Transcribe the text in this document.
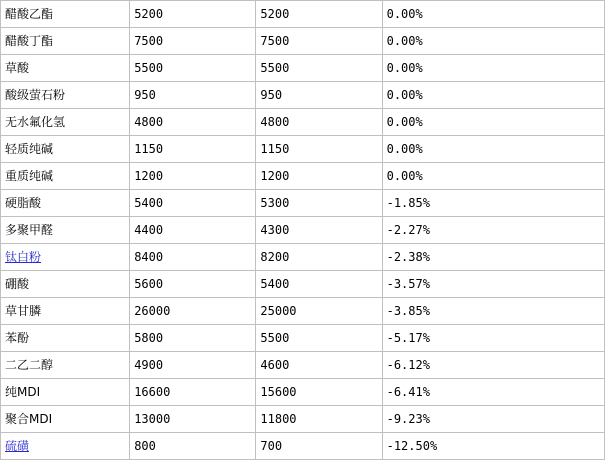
醋酸乙酯	5200	5200	0.00%
醋酸丁酯	7500	7500	0.00%
草酸	5500	5500	0.00%
酸级萤石粉	950	950	0.00%
无水氟化氢	4800	4800	0.00%
轻质纯碱	1150	1150	0.00%
重质纯碱	1200	1200	0.00%
硬脂酸	5400	5300	-1.85%
多聚甲醛	4400	4300	-2.27%
钛白粉	8400	8200	-2.38%
硼酸	5600	5400	-3.57%
草甘膦	26000	25000	-3.85%
苯酚	5800	5500	-5.17%
二乙二醇	4900	4600	-6.12%
纯MDI	16600	15600	-6.41%
聚合MDI	13000	11800	-9.23%
硫磺	800	700	-12.50%
